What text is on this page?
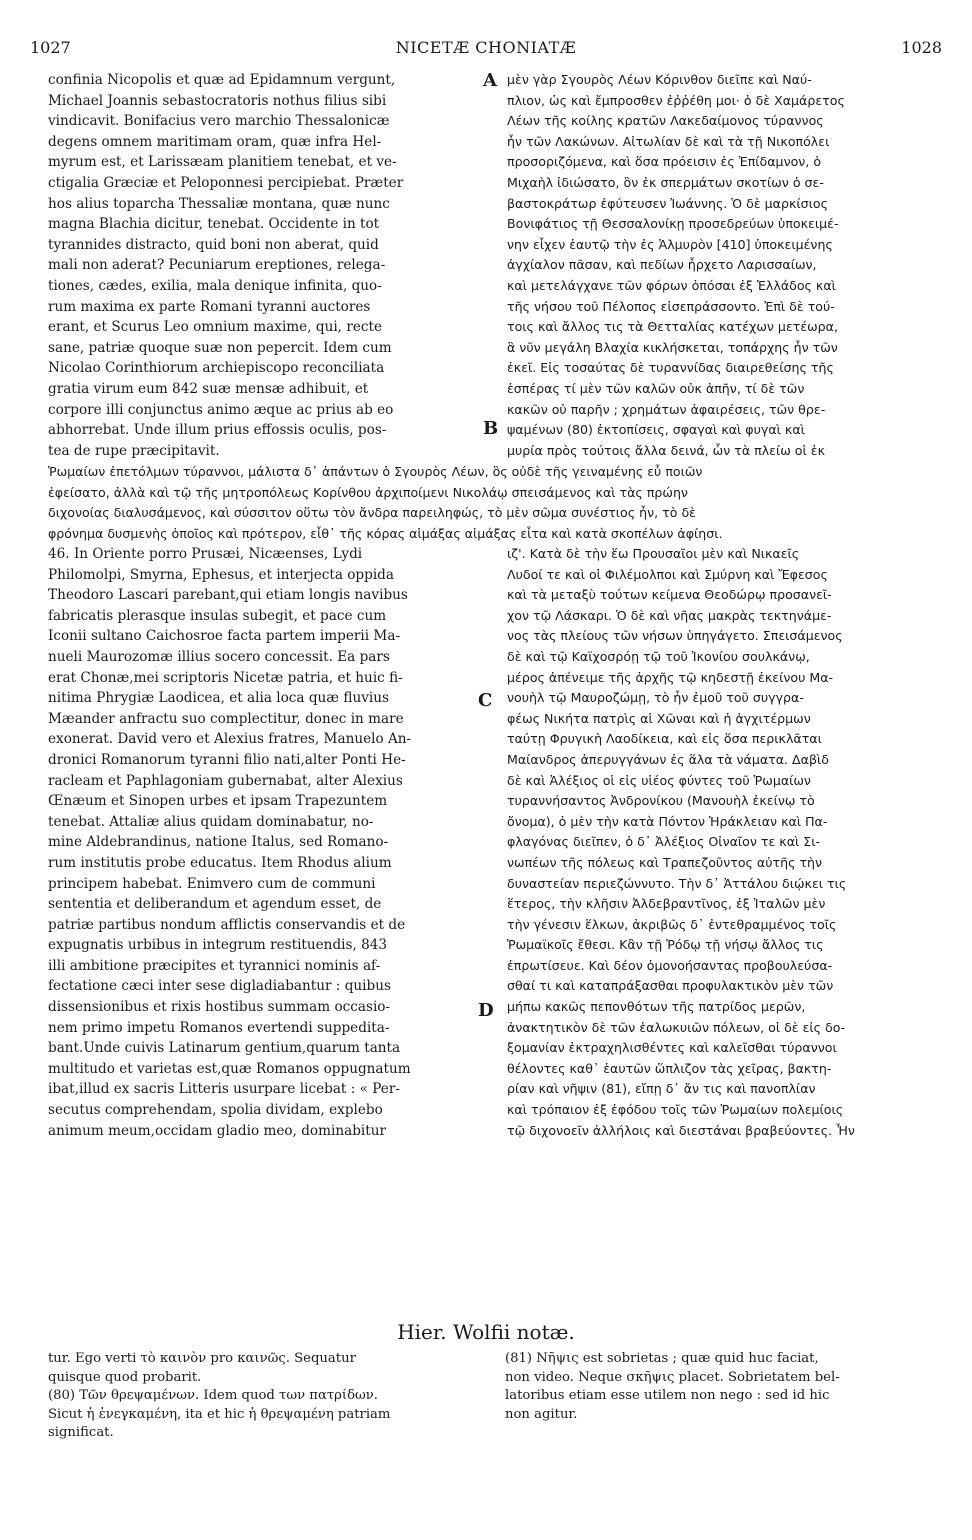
1027	NICETÆ CHONIATÆ	1028
A
B
C
D
confinia Nicopolis et quæ ad Epidamnum vergunt,
Michael Joannis sebastocratoris nothus filius sibi
vindicavit. Bonifacius vero marchio Thessalonicæ
degens omnem maritimam oram, quæ infra Hel-
myrum est, et Larissæam planitiem tenebat, et ve-
ctigalia Græciæ et Peloponnesi percipiebat. Præter
hos alius toparcha Thessaliæ montana, quæ nunc
magna Blachia dicitur, tenebat. Occidente in tot
tyrannides distracto, quid boni non aberat, quid
mali non aderat? Pecuniarum ereptiones, relega-
tiones, cædes, exilia, mala denique infinita, quo-
rum maxima ex parte Romani tyranni auctores
erant, et Scurus Leo omnium maxime, qui, recte
sane, patriæ quoque suæ non pepercit. Idem cum
Nicolao Corinthiorum archiepiscopo reconciliata
gratia virum eum 842 suæ mensæ adhibuit, et
corpore illi conjunctus animo æque ac prius ab eo
abhorrebat. Unde illum prius effossis oculis, pos-
tea de rupe præcipitavit.
μὲν γὰρ Σγουρὸς Λέων Κόρινθον διεῖπε καὶ Ναύ-
πλιον, ὡς καὶ ἔμπροσθεν ἐῤῥέθη μοι· ὁ δὲ Χαμάρετος
Λέων τῆς κοίλης κρατῶν Λακεδαίμονος τύραννος
ἦν τῶν Λακώνων. Αἰτωλίαν δὲ καὶ τὰ τῇ Νικοπόλει
προσοριζόμενα, καὶ ὅσα πρόεισιν ἐς Ἐπίδαμνον, ὁ
Μιχαὴλ ἰδιώσατο, ὃν ἐκ σπερμάτων σκοτίων ὁ σε-
βαστοκράτωρ ἐφύτευσεν Ἰωάννης. Ὁ δὲ μαρκίσιος
Βονιφάτιος τῇ Θεσσαλονίκῃ προσεδρεύων ὑποκειμέ-
νην εἶχεν ἑαυτῷ τὴν ἐς Ἁλμυρὸν [410] ὑποκειμένης
ἀγχίαλον πᾶσαν, καὶ πεδίων ἦρχετο Λαρισσαίων,
καὶ μετελάγχανε τῶν φόρων ὁπόσαι ἐξ Ἑλλάδος καὶ
τῆς νήσου τοῦ Πέλοπος εἰσεπράσσοντο. Ἐπὶ δὲ τού-
τοις καὶ ἄλλος τις τὰ Θετταλίας κατέχων μετέωρα,
ἃ νῦν μεγάλη Βλαχία κικλήσκεται, τοπάρχης ἦν τῶν
ἐκεῖ. Εἰς τοσαύτας δὲ τυραννίδας διαιρεθείσης τῆς
ἑσπέρας τί μὲν τῶν καλῶν οὐκ ἀπῆν, τί δὲ τῶν
κακῶν οὐ παρῆν ; χρημάτων ἀφαιρέσεις, τῶν θρε-
ψαμένων (80) ἐκτοπίσεις, σφαγαὶ καὶ φυγαὶ καὶ
μυρία πρὸς τούτοις ἄλλα δεινά, ὧν τὰ πλείω οἱ ἐκ
Ῥωμαίων ἐπετόλμων τύραννοι, μάλιστα δ᾽ ἁπάντων ὁ Σγουρὸς Λέων, ὃς οὐδὲ τῆς γειναμένης εὖ ποιῶν
ἐφείσατο, ἀλλὰ καὶ τῷ τῆς μητροπόλεως Κορίνθου ἀρχιποίμενι Νικολάῳ σπεισάμενος καὶ τὰς πρώην
διχονοίας διαλυσάμενος, καὶ σύσσιτον οὕτω τὸν ἄνδρα παρειληφώς, τὸ μὲν σῶμα συνέστιος ἦν, τὸ δὲ
φρόνημα δυσμενὴς ὁποῖος καὶ πρότερον, εἶθ᾽ τῆς κόρας αἱμάξας αἱμάξας εἶτα καὶ κατὰ σκοπέλων ἀφίησι.
46. In Oriente porro Prusæi, Nicæenses, Lydi
Philomolpi, Smyrna, Ephesus, et interjecta oppida
Theodoro Lascari parebant,qui etiam longis navibus
fabricatis plerasque insulas subegit, et pace cum
Iconii sultano Caichosroe facta partem imperii Ma-
nueli Maurozomæ illius socero concessit. Ea pars
erat Chonæ,mei scriptoris Nicetæ patria, et huic fi-
nitima Phrygiæ Laodicea, et alia loca quæ fluvius
Mæander anfractu suo complectitur, donec in mare
exonerat. David vero et Alexius fratres, Manuelo An-
dronici Romanorum tyranni filio nati,alter Ponti He-
racleam et Paphlagoniam gubernabat, alter Alexius
Œnæum et Sinopen urbes et ipsam Trapezuntem
tenebat. Attaliæ alius quidam dominabatur, no-
mine Aldebrandinus, natione Italus, sed Romano-
rum institutis probe educatus. Item Rhodus alium
principem habebat. Enimvero cum de communi
sententia et deliberandum et agendum esset, de
patriæ partibus nondum afflictis conservandis et de
expugnatis urbibus in integrum restituendis, 843
illi ambitione præcipites et tyrannici nominis af-
fectatione cæci inter sese digladiabantur : quibus
dissensionibus et rixis hostibus summam occasio-
nem primo impetu Romanos evertendi suppedita-
bant.Unde cuivis Latinarum gentium,quarum tanta
multitudo et varietas est,quæ Romanos oppugnatum
ibat,illud ex sacris Litteris usurpare licebat : « Per-
secutus comprehendam, spolia dividam, explebo
animum meum,occidam gladio meo, dominabitur
ιζ'. Κατὰ δὲ τὴν ἕω Προυσαῖοι μὲν καὶ Νικαεῖς
Λυδοί τε καὶ οἱ Φιλέμολποι καὶ Σμύρνη καὶ Ἔφεσος
καὶ τὰ μεταξὺ τούτων κείμενα Θεοδώρῳ προσανεῖ-
χον τῷ Λάσκαρι. Ὁ δὲ καὶ νῆας μακρὰς τεκτηνάμε-
νος τὰς πλείους τῶν νήσων ὑπηγάγετο. Σπεισάμενος
δὲ καὶ τῷ Καϊχοσρόῃ τῷ τοῦ Ἰκονίου σουλκάνῳ,
μέρος ἀπένειμε τῆς ἀρχῆς τῷ κηδεστῇ ἐκείνου Μα-
νουὴλ τῷ Μαυροζώμῃ, τὸ ἦν ἐμοῦ τοῦ συγγρα-
φέως Νικήτα πατρὶς αἱ Χῶναι καὶ ἡ ἀγχιτέρμων
ταύτῃ Φρυγικὴ Λαοδίκεια, καὶ εἰς ὅσα περικλᾶται
Μαίανδρος ἀπερυγγάνων ἐς ἅλα τὰ νάματα. Δαβὶδ
δὲ καὶ Ἀλέξιος οἱ εἰς υἱέος φύντες τοῦ Ῥωμαίων
τυραννήσαντος Ἀνδρονίκου (Μανουὴλ ἐκείνῳ τὸ
ὄνομα), ὁ μὲν τὴν κατὰ Πόντον Ἡράκλειαν καὶ Πα-
φλαγόνας διεῖπεν, ὁ δ᾽ Ἀλέξιος Οἰναῖον τε καὶ Σι-
νωπέων τῆς πόλεως καὶ Τραπεζοῦντος αὐτῆς τὴν
δυναστείαν περιεζώννυτο. Τὴν δ᾽ Ἀττάλου διῴκει τις
ἕτερος, τὴν κλῆσιν Ἀλδεβραντῖνος, ἐξ Ἰταλῶν μὲν
τὴν γένεσιν ἕλκων, ἀκριβῶς δ᾽ ἐντεθραμμένος τοῖς
Ῥωμαϊκοῖς ἔθεσι. Κἂν τῇ Ῥόδῳ τῇ νήσῳ ἄλλος τις
ἐπρωτίσευε. Καὶ δέον ὁμονοήσαντας προβουλεύσα-
σθαί τι καὶ καταπράξασθαι προφυλακτικὸν μὲν τῶν
μήπω κακῶς πεπονθότων τῆς πατρίδος μερῶν,
ἀνακτητικὸν δὲ τῶν ἑαλωκυιῶν πόλεων, οἱ δὲ εἰς δο-
ξομανίαν ἐκτραχηλισθέντες καὶ καλεῖσθαι τύραννοι
θέλοντες καθ᾽ ἑαυτῶν ὥπλιζον τὰς χεῖρας, βακτη-
ρίαν καὶ νῆψιν (81), εἴπῃ δ᾽ ἄν τις καὶ πανοπλίαν
καὶ τρόπαιον ἐξ ἐφόδου τοῖς τῶν Ῥωμαίων πολεμίοις
τῷ διχονοεῖν ἀλλήλοις καὶ διεστάναι βραβεύοντες. Ἦν
Hier. Wolfii notæ.
tur. Ego verti τὸ καινὸν pro καινῶς. Sequatur
quisque quod probarit.
(80) Τῶν θρεψαμένων. Idem quod των πατρίδων.
Sicut ἡ ἐνεγκαμένη, ita et hic ἡ θρεψαμένη patriam
significat.
(81) Νῆψις est sobrietas ; quæ quid huc faciat,
non video. Neque σκῆψις placet. Sobrietatem bel-
latoribus etiam esse utilem non nego : sed id hic
non agitur.
